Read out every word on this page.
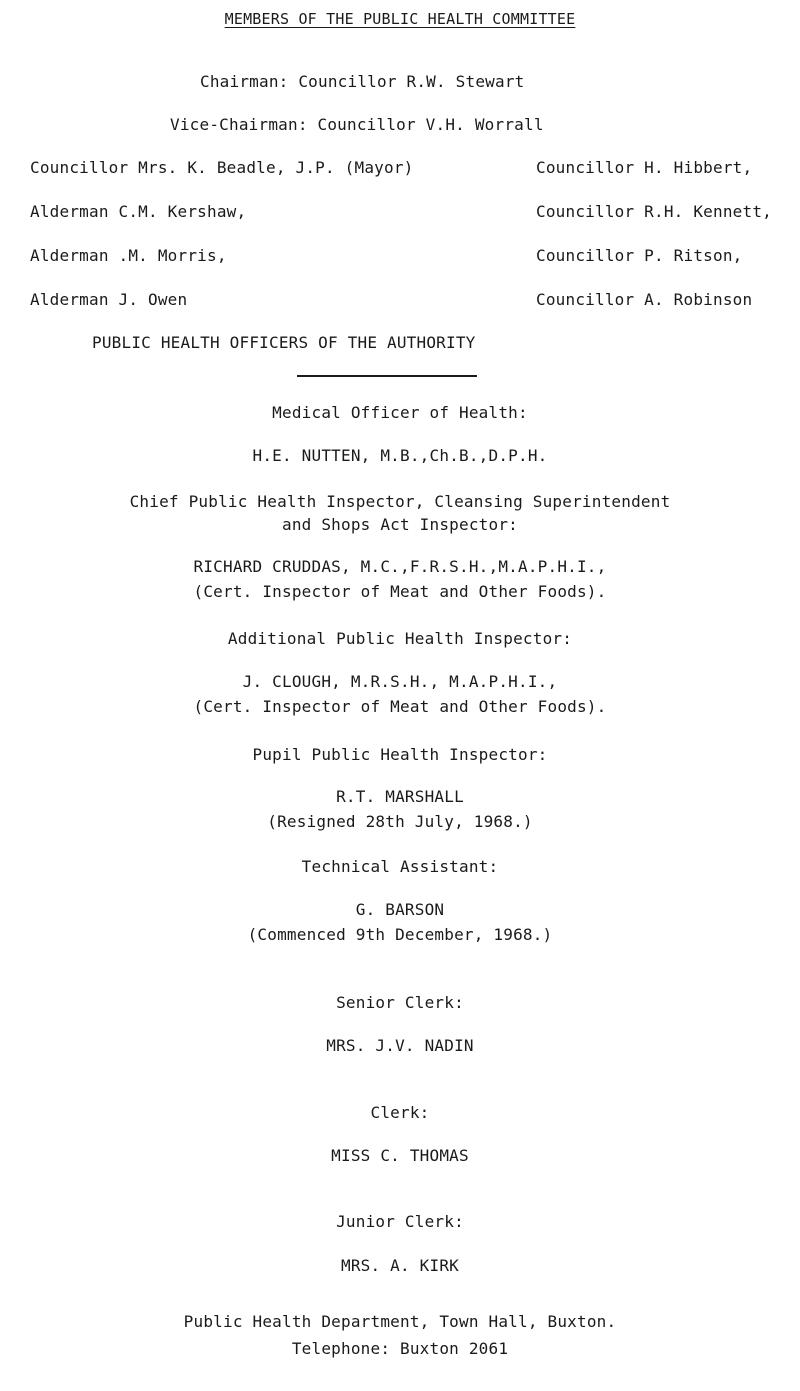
MEMBERS OF THE PUBLIC HEALTH COMMITTEE
Chairman: Councillor R.W. Stewart
Vice-Chairman: Councillor V.H. Worrall
Councillor Mrs. K. Beadle, J.P. (Mayor)
Alderman C.M. Kershaw,
Alderman .M. Morris,
Alderman J. Owen
Councillor H. Hibbert,
Councillor R.H. Kennett,
Councillor P. Ritson,
Councillor A. Robinson
PUBLIC HEALTH OFFICERS OF THE AUTHORITY
Medical Officer of Health:
H.E. NUTTEN, M.B.,Ch.B.,D.P.H.
Chief Public Health Inspector, Cleansing Superintendent
and Shops Act Inspector:
RICHARD CRUDDAS, M.C.,F.R.S.H.,M.A.P.H.I.,
(Cert. Inspector of Meat and Other Foods).
Additional Public Health Inspector:
J. CLOUGH, M.R.S.H., M.A.P.H.I.,
(Cert. Inspector of Meat and Other Foods).
Pupil Public Health Inspector:
R.T. MARSHALL
(Resigned 28th July, 1968.)
Technical Assistant:
G. BARSON
(Commenced 9th December, 1968.)
Senior Clerk:
MRS. J.V. NADIN
Clerk:
MISS C. THOMAS
Junior Clerk:
MRS. A. KIRK
Public Health Department, Town Hall, Buxton.
Telephone: Buxton 2061
